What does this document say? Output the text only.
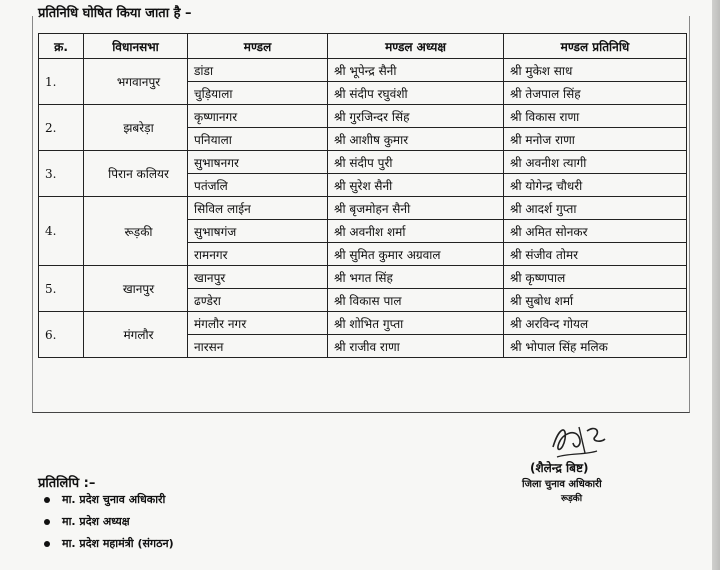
प्रतिनिधि घोषित किया जाता है –
क्र.	विधानसभा	मण्डल	मण्डल अध्यक्ष	मण्डल प्रतिनिधि
1.	भगवानपुर	डांडा	श्री भूपेन्द्र सैनी	श्री मुकेश साध
		चुड़ियाला	श्री संदीप रघुवंशी	श्री तेजपाल सिंह
2.	झबरेड़ा	कृष्णानगर	श्री गुरजिन्दर सिंह	श्री विकास राणा
		पनियाला	श्री आशीष कुमार	श्री मनोज राणा
3.	पिरान कलियर	सुभाषनगर	श्री संदीप पुरी	श्री अवनीश त्यागी
		पतंजलि	श्री सुरेश सैनी	श्री योगेन्द्र चौधरी
4.	रूड़की	सिविल लाईन	श्री बृजमोहन सैनी	श्री आदर्श गुप्ता
		सुभाषगंज	श्री अवनीश शर्मा	श्री अमित सोनकर
		रामनगर	श्री सुमित कुमार अग्रवाल	श्री संजीव तोमर
5.	खानपुर	खानपुर	श्री भगत सिंह	श्री कृष्णपाल
		ढण्डेरा	श्री विकास पाल	श्री सुबोध शर्मा
6.	मंगलौर	मंगलौर नगर	श्री शोभित गुप्ता	श्री अरविन्द गोयल
		नारसन	श्री राजीव राणा	श्री भोपाल सिंह मलिक
(शैलेन्द्र बिष्ट)
जिला चुनाव अधिकारी
रूड़की
प्रतिलिपि :–
मा. प्रदेश चुनाव अधिकारी
मा. प्रदेश अध्यक्ष
मा. प्रदेश महामंत्री (संगठन)
